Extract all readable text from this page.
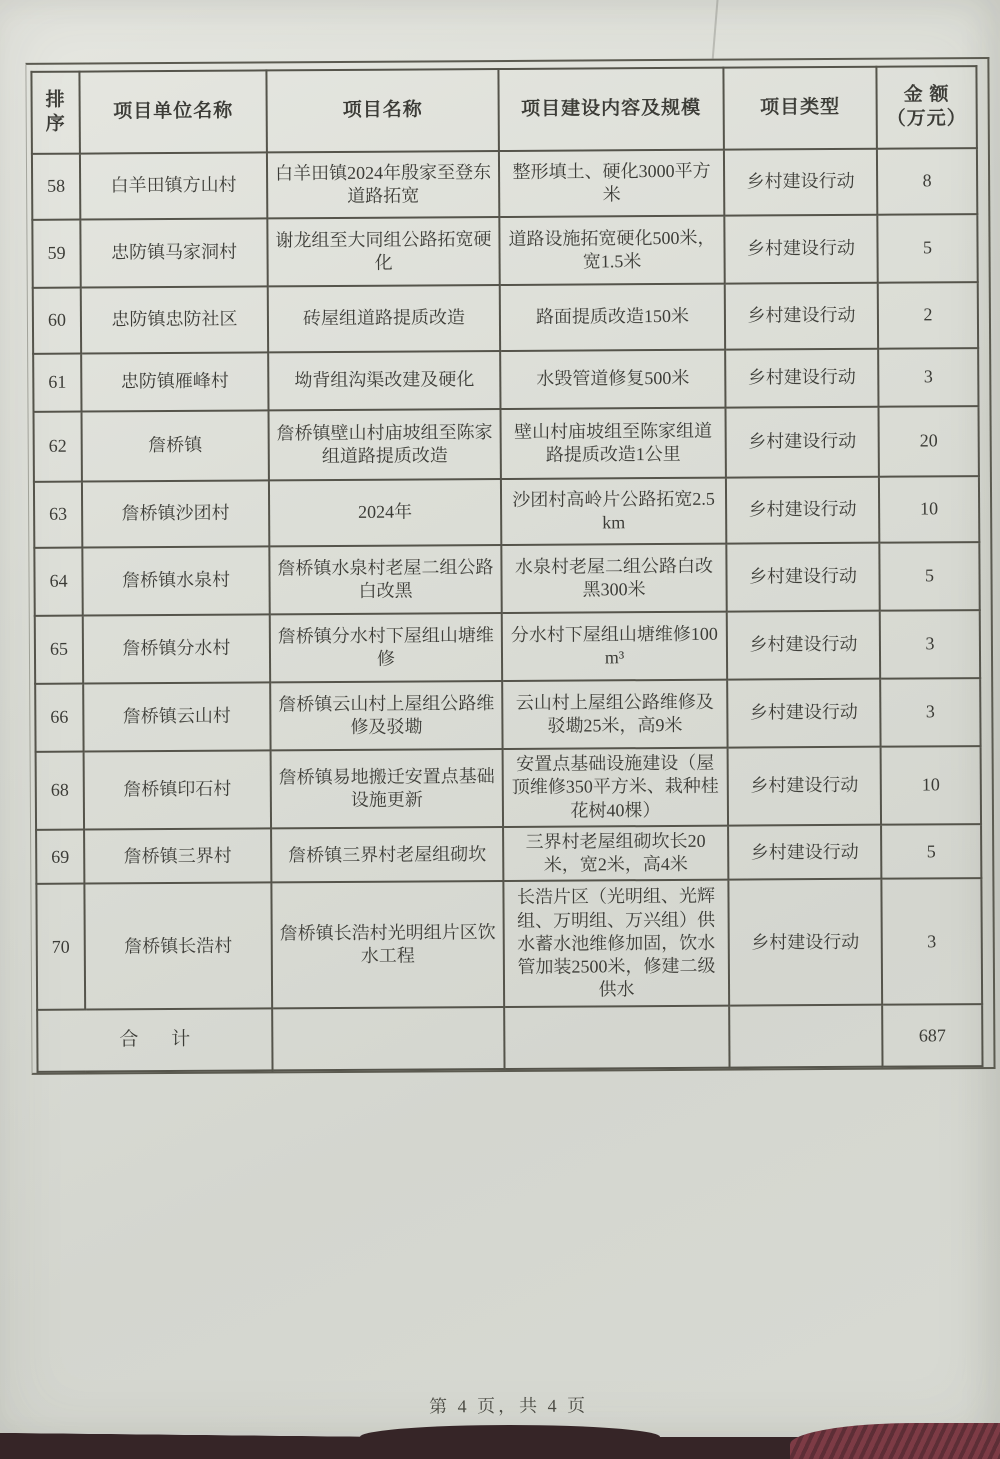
排序	项目单位名称	项目名称	项目建设内容及规模	项目类型	金 额
（万元）
58	白羊田镇方山村	白羊田镇2024年殷家至登东道路拓宽	整形填土、硬化3000平方米	乡村建设行动	8
59	忠防镇马家洞村	谢龙组至大同组公路拓宽硬化	道路设施拓宽硬化500米，宽1.5米	乡村建设行动	5
60	忠防镇忠防社区	砖屋组道路提质改造	路面提质改造150米	乡村建设行动	2
61	忠防镇雁峰村	坳背组沟渠改建及硬化	水毁管道修复500米	乡村建设行动	3
62	詹桥镇	詹桥镇壁山村庙坡组至陈家组道路提质改造	壁山村庙坡组至陈家组道路提质改造1公里	乡村建设行动	20
63	詹桥镇沙团村	2024年	沙团村高岭片公路拓宽2.5km	乡村建设行动	10
64	詹桥镇水泉村	詹桥镇水泉村老屋二组公路白改黑	水泉村老屋二组公路白改黑300米	乡村建设行动	5
65	詹桥镇分水村	詹桥镇分水村下屋组山塘维修	分水村下屋组山塘维修100m³	乡村建设行动	3
66	詹桥镇云山村	詹桥镇云山村上屋组公路维修及驳墈	云山村上屋组公路维修及驳墈25米，高9米	乡村建设行动	3
68	詹桥镇印石村	詹桥镇易地搬迁安置点基础设施更新	安置点基础设施建设（屋顶维修350平方米、栽种桂花树40棵）	乡村建设行动	10
69	詹桥镇三界村	詹桥镇三界村老屋组砌坎	三界村老屋组砌坎长20米，宽2米，高4米	乡村建设行动	5
70	詹桥镇长浩村	詹桥镇长浩村光明组片区饮水工程	长浩片区（光明组、光辉组、万明组、万兴组）供水蓄水池维修加固，饮水管加装2500米，修建二级供水	乡村建设行动	3
合 计					687
第 4 页，共 4 页
